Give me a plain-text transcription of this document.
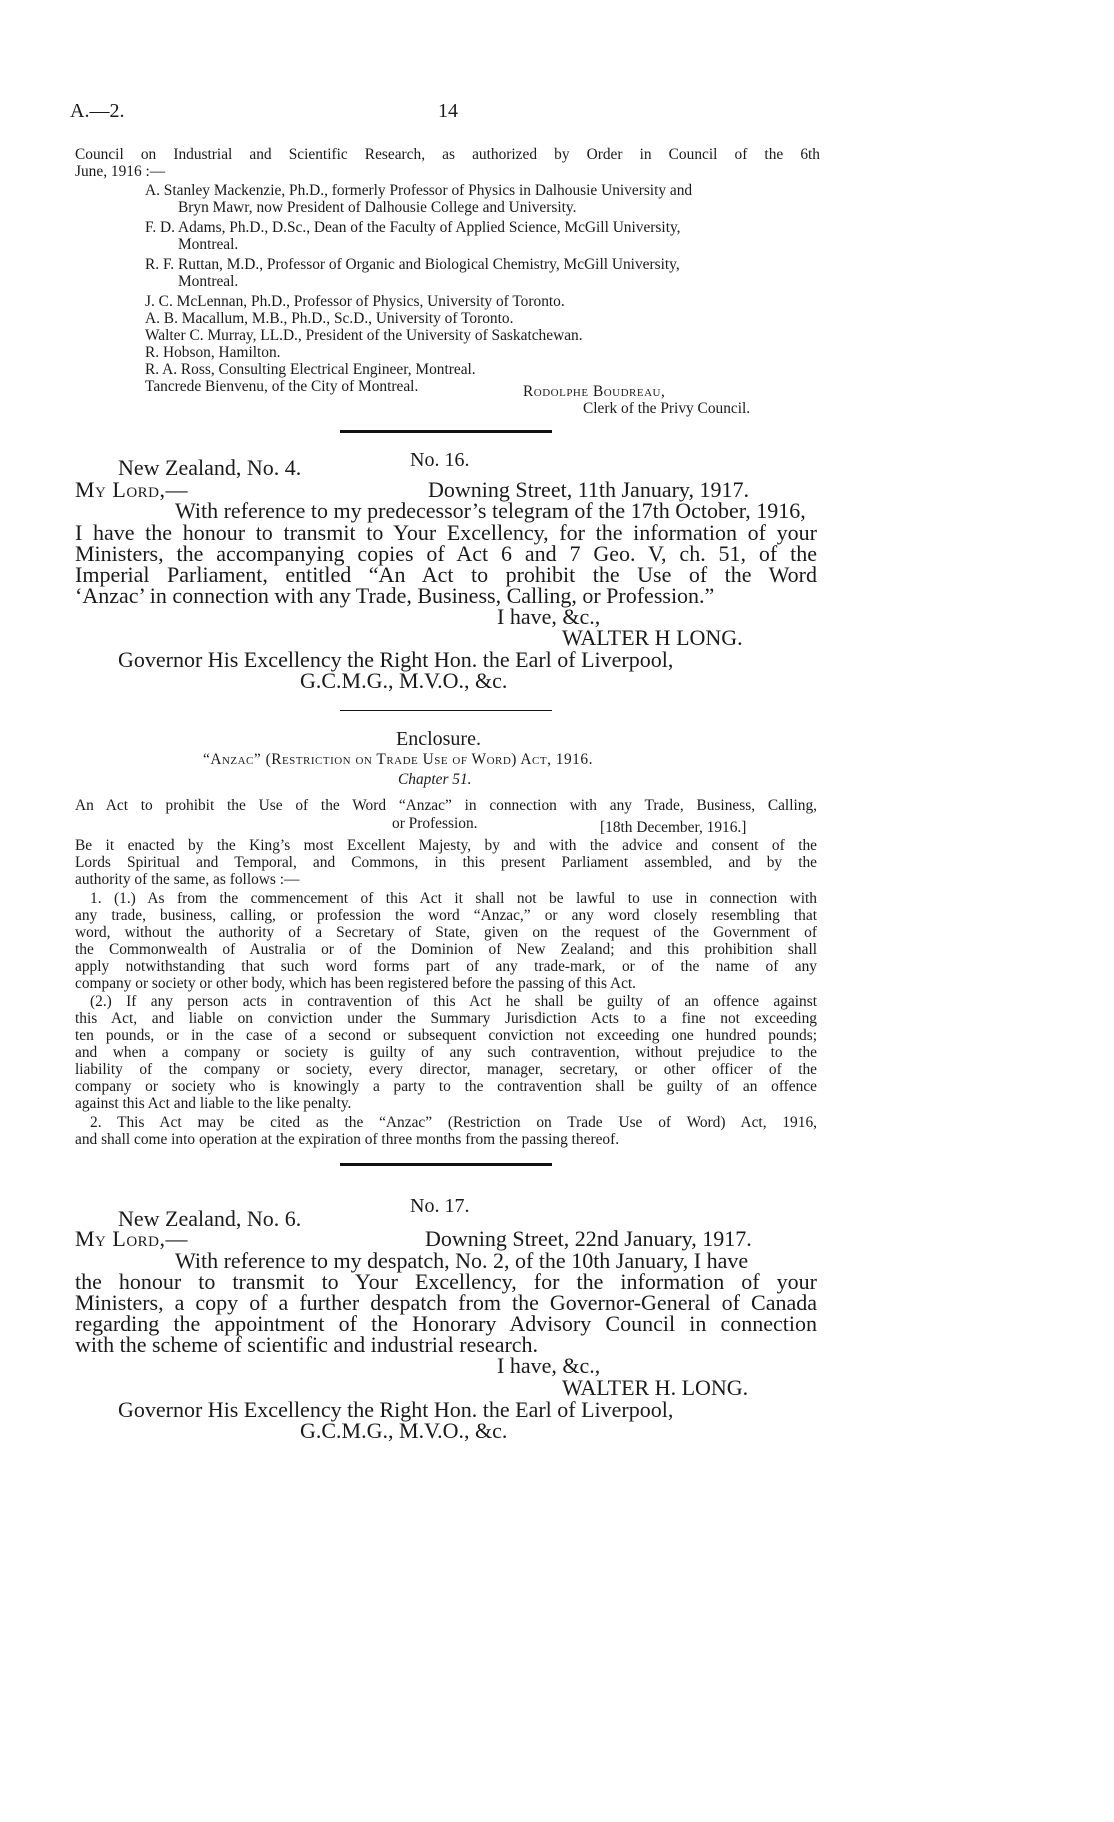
A.—2.	14
Council on Industrial and Scientific Research, as authorized by Order in Council of the 6th
June, 1916 :—
A. Stanley Mackenzie, Ph.D., formerly Professor of Physics in Dalhousie University and
Bryn Mawr, now President of Dalhousie College and University.
F. D. Adams, Ph.D., D.Sc., Dean of the Faculty of Applied Science, McGill University,
Montreal.
R. F. Ruttan, M.D., Professor of Organic and Biological Chemistry, McGill University,
Montreal.
J. C. McLennan, Ph.D., Professor of Physics, University of Toronto.
A. B. Macallum, M.B., Ph.D., Sc.D., University of Toronto.
Walter C. Murray, LL.D., President of the University of Saskatchewan.
R. Hobson, Hamilton.
R. A. Ross, Consulting Electrical Engineer, Montreal.
Tancrede Bienvenu, of the City of Montreal.	Rodolphe Boudreau,
Clerk of the Privy Council.
No. 16.
New Zealand, No. 4.
My Lord,—	Downing Street, 11th January, 1917.
With reference to my predecessor’s telegram of the 17th October, 1916,
I have the honour to transmit to Your Excellency, for the information of your
Ministers, the accompanying copies of Act 6 and 7 Geo. V, ch. 51, of the
Imperial Parliament, entitled “An Act to prohibit the Use of the Word
‘Anzac’ in connection with any Trade, Business, Calling, or Profession.”
I have, &c.,
WALTER H LONG.
Governor His Excellency the Right Hon. the Earl of Liverpool,
G.C.M.G., M.V.O., &c.
Enclosure.
“Anzac” (Restriction on Trade Use of Word) Act, 1916.
Chapter 51.
An Act to prohibit the Use of the Word “Anzac” in connection with any Trade, Business, Calling,
or Profession.	[18th December, 1916.]
Be it enacted by the King’s most Excellent Majesty, by and with the advice and consent of the
Lords Spiritual and Temporal, and Commons, in this present Parliament assembled, and by the
authority of the same, as follows :—
1. (1.) As from the commencement of this Act it shall not be lawful to use in connection with
any trade, business, calling, or profession the word “Anzac,” or any word closely resembling that
word, without the authority of a Secretary of State, given on the request of the Government of
the Commonwealth of Australia or of the Dominion of New Zealand; and this prohibition shall
apply notwithstanding that such word forms part of any trade-mark, or of the name of any
company or society or other body, which has been registered before the passing of this Act.
(2.) If any person acts in contravention of this Act he shall be guilty of an offence against
this Act, and liable on conviction under the Summary Jurisdiction Acts to a fine not exceeding
ten pounds, or in the case of a second or subsequent conviction not exceeding one hundred pounds;
and when a company or society is guilty of any such contravention, without prejudice to the
liability of the company or society, every director, manager, secretary, or other officer of the
company or society who is knowingly a party to the contravention shall be guilty of an offence
against this Act and liable to the like penalty.
2. This Act may be cited as the “Anzac” (Restriction on Trade Use of Word) Act, 1916,
and shall come into operation at the expiration of three months from the passing thereof.
No. 17.
New Zealand, No. 6.
My Lord,—	Downing Street, 22nd January, 1917.
With reference to my despatch, No. 2, of the 10th January, I have
the honour to transmit to Your Excellency, for the information of your
Ministers, a copy of a further despatch from the Governor-General of Canada
regarding the appointment of the Honorary Advisory Council in connection
with the scheme of scientific and industrial research.
I have, &c.,
WALTER H. LONG.
Governor His Excellency the Right Hon. the Earl of Liverpool,
G.C.M.G., M.V.O., &c.
